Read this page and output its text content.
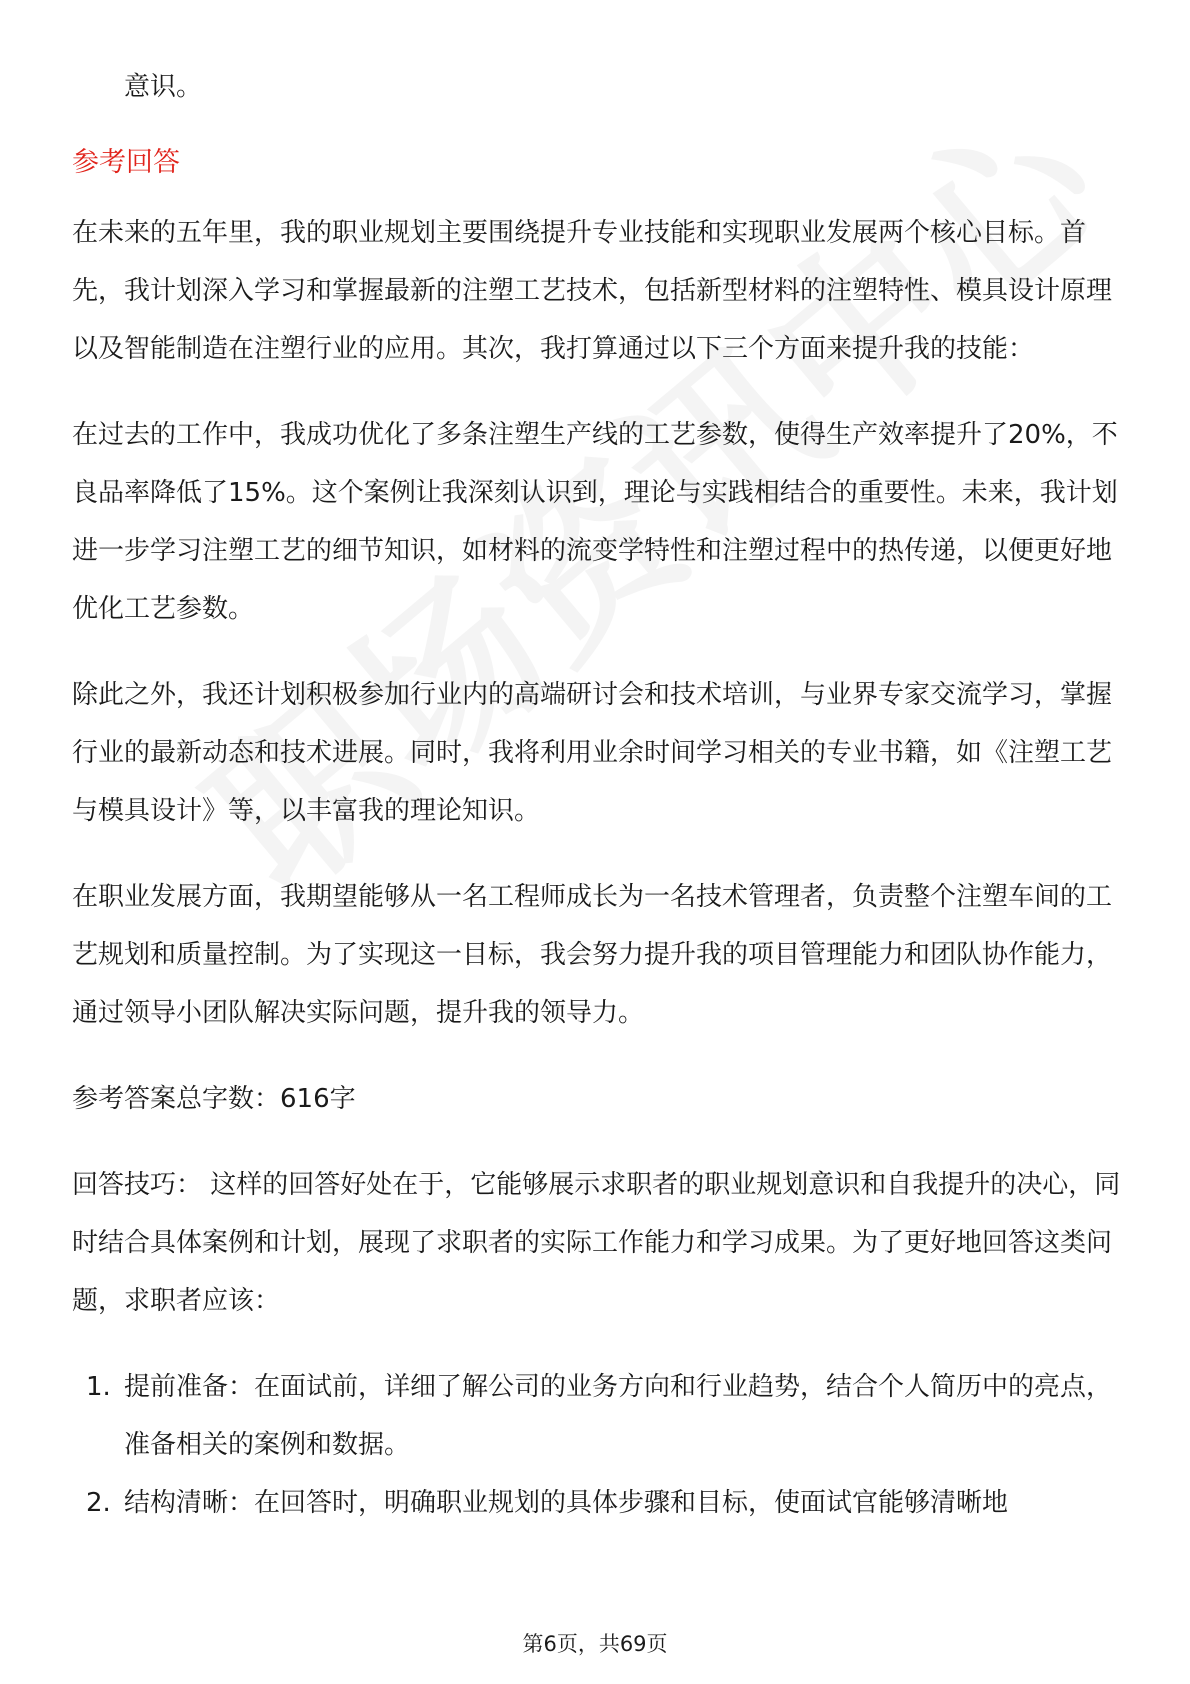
意识。

参考回答

在未来的五年里，我的职业规划主要围绕提升专业技能和实现职业发展两个核心目标。首先，我计划深入学习和掌握最新的注塑工艺技术，包括新型材料的注塑特性、模具设计原理以及智能制造在注塑行业的应用。其次，我打算通过以下三个方面来提升我的技能：

在过去的工作中，我成功优化了多条注塑生产线的工艺参数，使得生产效率提升了20%，不良品率降低了15%。这个案例让我深刻认识到，理论与实践相结合的重要性。未来，我计划进一步学习注塑工艺的细节知识，如材料的流变学特性和注塑过程中的热传递，以便更好地优化工艺参数。

除此之外，我还计划积极参加行业内的高端研讨会和技术培训，与业界专家交流学习，掌握行业的最新动态和技术进展。同时，我将利用业余时间学习相关的专业书籍，如《注塑工艺与模具设计》等，以丰富我的理论知识。

在职业发展方面，我期望能够从一名工程师成长为一名技术管理者，负责整个注塑车间的工艺规划和质量控制。为了实现这一目标，我会努力提升我的项目管理能力和团队协作能力，通过领导小团队解决实际问题，提升我的领导力。

参考答案总字数：616字

回答技巧： 这样的回答好处在于，它能够展示求职者的职业规划意识和自我提升的决心，同时结合具体案例和计划，展现了求职者的实际工作能力和学习成果。为了更好地回答这类问题，求职者应该：

1. 提前准备：在面试前，详细了解公司的业务方向和行业趋势，结合个人简历中的亮点，准备相关的案例和数据。
2. 结构清晰：在回答时，明确职业规划的具体步骤和目标，使面试官能够清晰地
第6页，共69页
